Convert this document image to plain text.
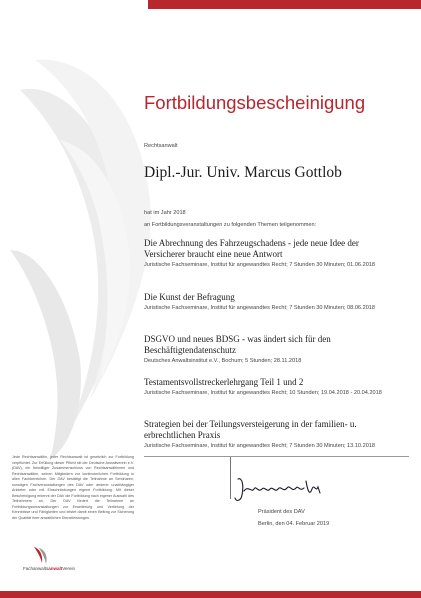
Fortbildungsbescheinigung
Rechtsanwalt
Dipl.-Jur. Univ. Marcus Gottlob
hat im Jahr 2018
an Fortbildungsveranstaltungen zu folgenden Themen teilgenommen:

Die Abrechnung des Fahrzeugschadens - jede neue Idee der Versicherer braucht eine neue Antwort

Juristische Fachseminare, Institut für angewandtes Recht; 7 Stunden 30 Minuten; 01.06.2018

Die Kunst der Befragung

Juristische Fachseminare, Institut für angewandtes Recht; 7 Stunden 30 Minuten; 08.06.2018

DSGVO und neues BDSG - was ändert sich für den Beschäftigtendatenschutz

Deutsches Anwaltsinstitut e.V., Bochum; 5 Stunden; 28.11.2018

Testamentsvollstreckerlehrgang Teil 1 und 2

Juristische Fachseminare, Institut für angewandtes Recht; 10 Stunden; 19.04.2018 - 20.04.2018

Strategien bei der Teilungsversteigerung in der familien- u. erbrechtlichen Praxis

Juristische Fachseminare, Institut für angewandtes Recht; 7 Stunden 30 Minuten; 13.10.2018

Jede Rechtsanwältin, jeder Rechtsanwalt ist gesetzlich zur Fortbildung verpflichtet. Zur Erfüllung dieser Pflicht rät der Deutsche Anwaltverein e.V. (DAV), ein freiwilliger Zusammenschluss von Rechtsanwältinnen und Rechtsanwälten, seinen Mitgliedern zur kontinuierlichen Fortbildung in allen Fachbereichen. Der DAV bestätigt die Teilnahme an Seminaren, sonstigen Fachveranstaltungen des DAV oder anderer unabhängiger Anbieter oder mit Einschränkungen eigene Fortbildung. Mit dieser Bescheinigung erkennt der DAV die Fortbildung nach eigener Auswahl des Teilnehmers an. Der DAV fördert die Teilnahme an Fortbildungsveranstaltungen zur Erweiterung und Vertiefung der Kenntnisse und Fähigkeiten und leistet damit einen Beitrag zur Sicherung der Qualität ihrer anwaltlichen Dienstleistungen.
Präsident des DAV
Berlin, den 04. Februar 2019
FachanwaltsanwaltVerein
